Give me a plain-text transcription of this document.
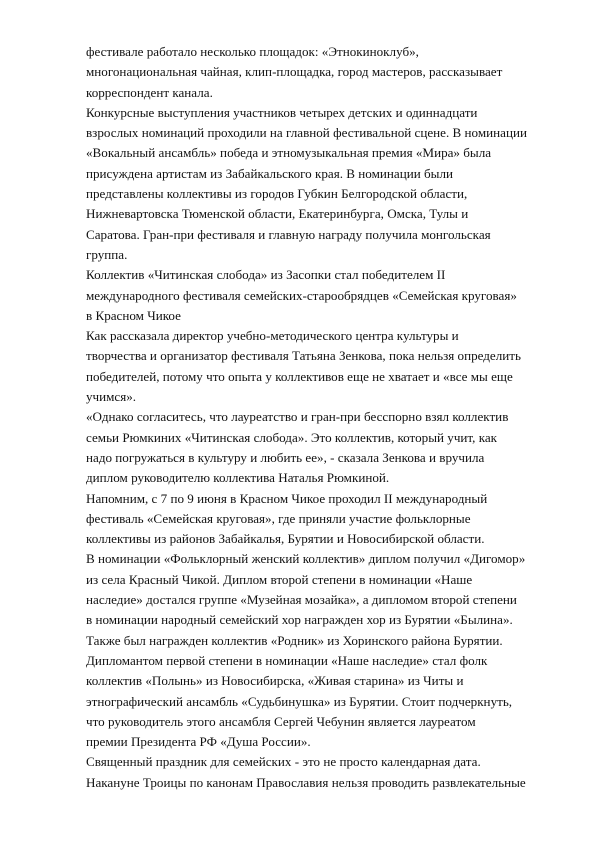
фестивале работало несколько площадок: «Этнокиноклуб»,
многонациональная чайная, клип-площадка, город мастеров, рассказывает
корреспондент канала.
Конкурсные выступления участников четырех детских и одиннадцати
взрослых номинаций проходили на главной фестивальной сцене. В номинации
«Вокальный ансамбль» победа и этномузыкальная премия «Мира» была
присуждена артистам из Забайкальского края. В номинации были
представлены коллективы из городов Губкин Белгородской области,
Нижневартовска Тюменской области, Екатеринбурга, Омска, Тулы и
Саратова. Гран-при фестиваля и главную награду получила монгольская
группа.
Коллектив «Читинская слобода» из Засопки стал победителем II
международного фестиваля семейских-старообрядцев «Семейская круговая»
в Красном Чикое
Как рассказала директор учебно-методического центра культуры и
творчества и организатор фестиваля Татьяна Зенкова, пока нельзя определить
победителей, потому что опыта у коллективов еще не хватает и «все мы еще
учимся».
«Однако согласитесь, что лауреатство и гран-при бесспорно взял коллектив
семьи Рюмкиних «Читинская слобода». Это коллектив, который учит, как
надо погружаться в культуру и любить ее», - сказала Зенкова и вручила
диплом руководителю коллектива Наталья Рюмкиной.
Напомним, с 7 по 9 июня в Красном Чикое проходил II международный
фестиваль «Семейская круговая», где приняли участие фольклорные
коллективы из районов Забайкалья, Бурятии и Новосибирской области.
В номинации «Фольклорный женский коллектив» диплом получил «Дигомор»
из села Красный Чикой. Диплом второй степени в номинации «Наше
наследие» достался группе «Музейная мозайка», а дипломом второй степени
в номинации народный семейский хор награжден хор из Бурятии «Былина».
Также был награжден коллектив «Родник» из Хоринского района Бурятии.
Дипломантом первой степени в номинации «Наше наследие» стал фолк
коллектив «Полынь» из Новосибирска, «Живая старина» из Читы и
этнографический ансамбль «Судьбинушка» из Бурятии. Стоит подчеркнуть,
что руководитель этого ансамбля Сергей Чебунин является лауреатом
премии Президента РФ «Душа России».
Священный праздник для семейских - это не просто календарная дата.
Накануне Троицы по канонам Православия нельзя проводить развлекательные
